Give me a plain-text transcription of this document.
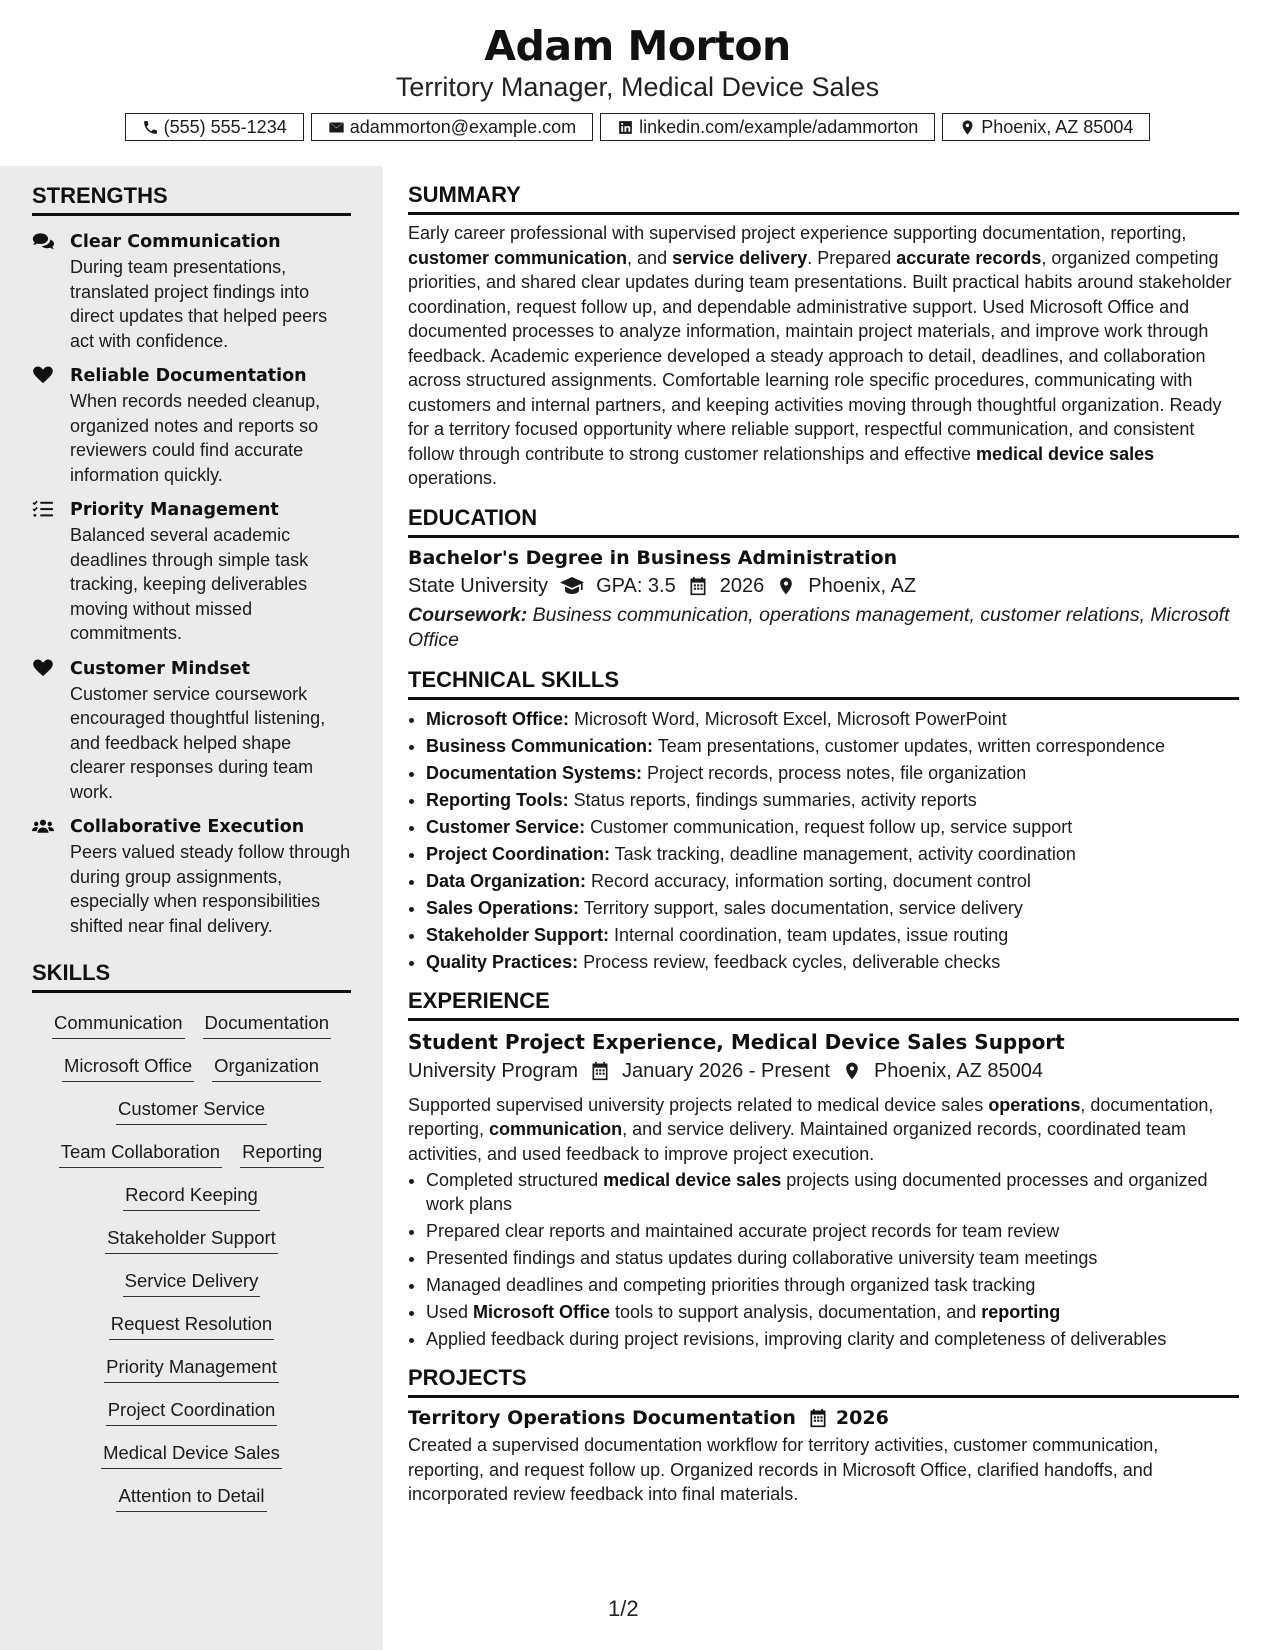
Adam Morton
Territory Manager, Medical Device Sales
(555) 555-1234	adammorton@example.com	linkedin.com/example/adammorton	Phoenix, AZ 85004
STRENGTHS
Clear Communication
During team presentations, translated project findings into direct updates that helped peers act with confidence.
Reliable Documentation
When records needed cleanup, organized notes and reports so reviewers could find accurate information quickly.
Priority Management
Balanced several academic deadlines through simple task tracking, keeping deliverables moving without missed commitments.
Customer Mindset
Customer service coursework encouraged thoughtful listening, and feedback helped shape clearer responses during team work.
Collaborative Execution
Peers valued steady follow through during group assignments, especially when responsibilities shifted near final delivery.
SKILLS
Communication Documentation
Microsoft Office Organization
Customer Service
Team Collaboration Reporting
Record Keeping
Stakeholder Support
Service Delivery
Request Resolution
Priority Management
Project Coordination
Medical Device Sales
Attention to Detail
SUMMARY

Early career professional with supervised project experience supporting documentation, reporting, customer communication, and service delivery. Prepared accurate records, organized competing priorities, and shared clear updates during team presentations. Built practical habits around stakeholder coordination, request follow up, and dependable administrative support. Used Microsoft Office and documented processes to analyze information, maintain project materials, and improve work through feedback. Academic experience developed a steady approach to detail, deadlines, and collaboration across structured assignments. Comfortable learning role specific procedures, communicating with customers and internal partners, and keeping activities moving through thoughtful organization. Ready for a territory focused opportunity where reliable support, respectful communication, and consistent follow through contribute to strong customer relationships and effective medical device sales operations.

EDUCATION
Bachelor's Degree in Business Administration
State University GPA: 3.5 2026 Phoenix, AZ
Coursework: Business communication, operations management, customer relations, Microsoft Office
TECHNICAL SKILLS
• Microsoft Office: Microsoft Word, Microsoft Excel, Microsoft PowerPoint
• Business Communication: Team presentations, customer updates, written correspondence
• Documentation Systems: Project records, process notes, file organization
• Reporting Tools: Status reports, findings summaries, activity reports
• Customer Service: Customer communication, request follow up, service support
• Project Coordination: Task tracking, deadline management, activity coordination
• Data Organization: Record accuracy, information sorting, document control
• Sales Operations: Territory support, sales documentation, service delivery
• Stakeholder Support: Internal coordination, team updates, issue routing
• Quality Practices: Process review, feedback cycles, deliverable checks
EXPERIENCE
Student Project Experience, Medical Device Sales Support
University Program January 2026 - Present Phoenix, AZ 85004

Supported supervised university projects related to medical device sales operations, documentation, reporting, communication, and service delivery. Maintained organized records, coordinated team activities, and used feedback to improve project execution.

• Completed structured medical device sales projects using documented processes and organized work plans
• Prepared clear reports and maintained accurate project records for team review
• Presented findings and status updates during collaborative university team meetings
• Managed deadlines and competing priorities through organized task tracking
• Used Microsoft Office tools to support analysis, documentation, and reporting
• Applied feedback during project revisions, improving clarity and completeness of deliverables
PROJECTS
Territory Operations Documentation 2026

Created a supervised documentation workflow for territory activities, customer communication, reporting, and request follow up. Organized records in Microsoft Office, clarified handoffs, and incorporated review feedback into final materials.

1/2
